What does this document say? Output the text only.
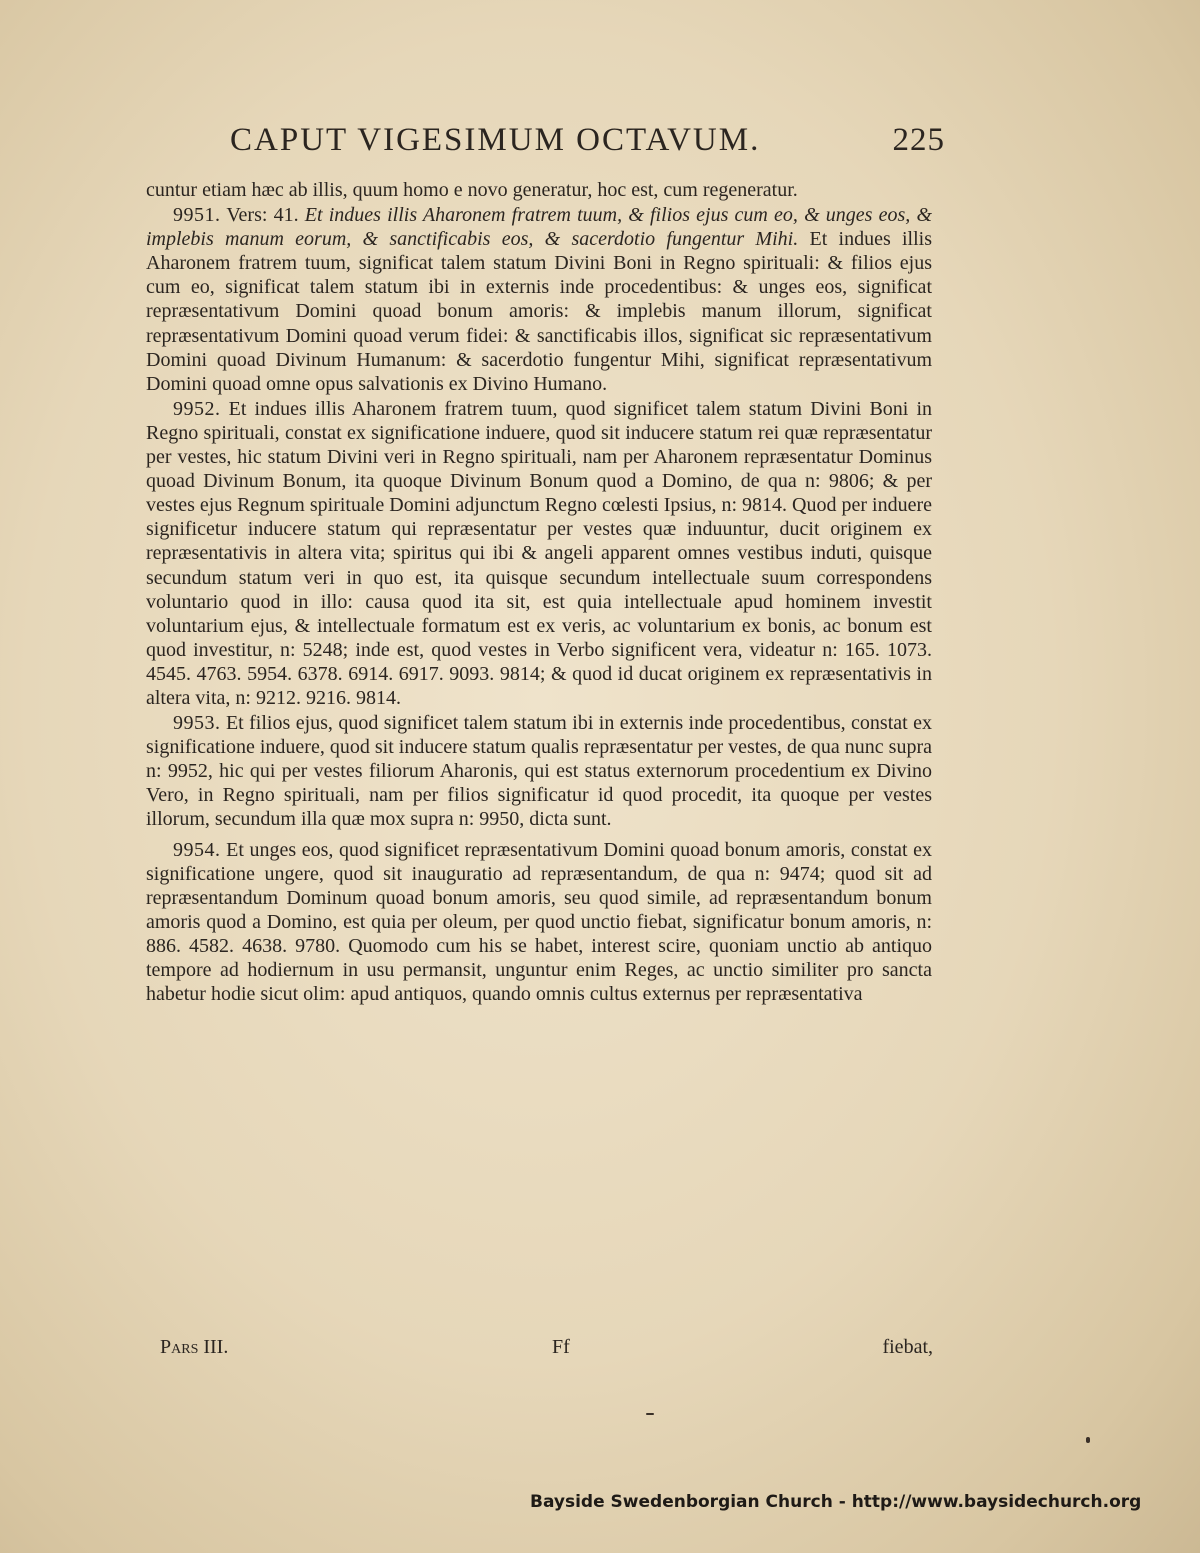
CAPUT VIGESIMUM OCTAVUM.	225

cuntur etiam hæc ab illis, quum homo e novo generatur, hoc est, cum regeneratur.

9951. Vers: 41. Et indues illis Aharonem fratrem tuum, & filios ejus cum eo, & unges eos, & implebis manum eorum, & sanctificabis eos, & sacerdotio fungentur Mihi. Et indues illis Aharonem fratrem tuum, significat talem statum Divini Boni in Regno spirituali: & filios ejus cum eo, significat talem statum ibi in externis inde procedentibus: & unges eos, significat repræsentativum Domini quoad bonum amoris: & implebis manum illorum, significat repræsentativum Domini quoad verum fidei: & sanctificabis illos, significat sic repræsentativum Domini quoad Divinum Humanum: & sacerdotio fungentur Mihi, significat repræsentativum Domini quoad omne opus salvationis ex Divino Humano.

9952. Et indues illis Aharonem fratrem tuum, quod significet talem statum Divini Boni in Regno spirituali, constat ex significatione induere, quod sit inducere statum rei quæ repræsentatur per vestes, hic statum Divini veri in Regno spirituali, nam per Aharonem repræsentatur Dominus quoad Divinum Bonum, ita quoque Divinum Bonum quod a Domino, de qua n: 9806; & per vestes ejus Regnum spirituale Domini adjunctum Regno cœlesti Ipsius, n: 9814. Quod per induere significetur inducere statum qui repræsentatur per vestes quæ induuntur, ducit originem ex repræsentativis in altera vita; spiritus qui ibi & angeli apparent omnes vestibus induti, quisque secundum statum veri in quo est, ita quisque secundum intellectuale suum correspondens voluntario quod in illo: causa quod ita sit, est quia intellectuale apud hominem investit voluntarium ejus, & intellectuale formatum est ex veris, ac voluntarium ex bonis, ac bonum est quod investitur, n: 5248; inde est, quod vestes in Verbo significent vera, videatur n: 165. 1073. 4545. 4763. 5954. 6378. 6914. 6917. 9093. 9814; & quod id ducat originem ex repræsentativis in altera vita, n: 9212. 9216. 9814.

9953. Et filios ejus, quod significet talem statum ibi in externis inde procedentibus, constat ex significatione induere, quod sit inducere statum qualis repræsentatur per vestes, de qua nunc supra n: 9952, hic qui per vestes filiorum Aharonis, qui est status externorum procedentium ex Divino Vero, in Regno spirituali, nam per filios significatur id quod procedit, ita quoque per vestes illorum, secundum illa quæ mox supra n: 9950, dicta sunt.

9954. Et unges eos, quod significet repræsentativum Domini quoad bonum amoris, constat ex significatione ungere, quod sit inauguratio ad repræsentandum, de qua n: 9474; quod sit ad repræsentandum Dominum quoad bonum amoris, seu quod simile, ad repræsentandum bonum amoris quod a Domino, est quia per oleum, per quod unctio fiebat, significatur bonum amoris, n: 886. 4582. 4638. 9780. Quomodo cum his se habet, interest scire, quoniam unctio ab antiquo tempore ad hodiernum in usu permansit, unguntur enim Reges, ac unctio similiter pro sancta habetur hodie sicut olim: apud antiquos, quando omnis cultus externus per repræsentativa

Pars III.	Ff	fiebat,
Bayside Swedenborgian Church - http://www.baysidechurch.org
